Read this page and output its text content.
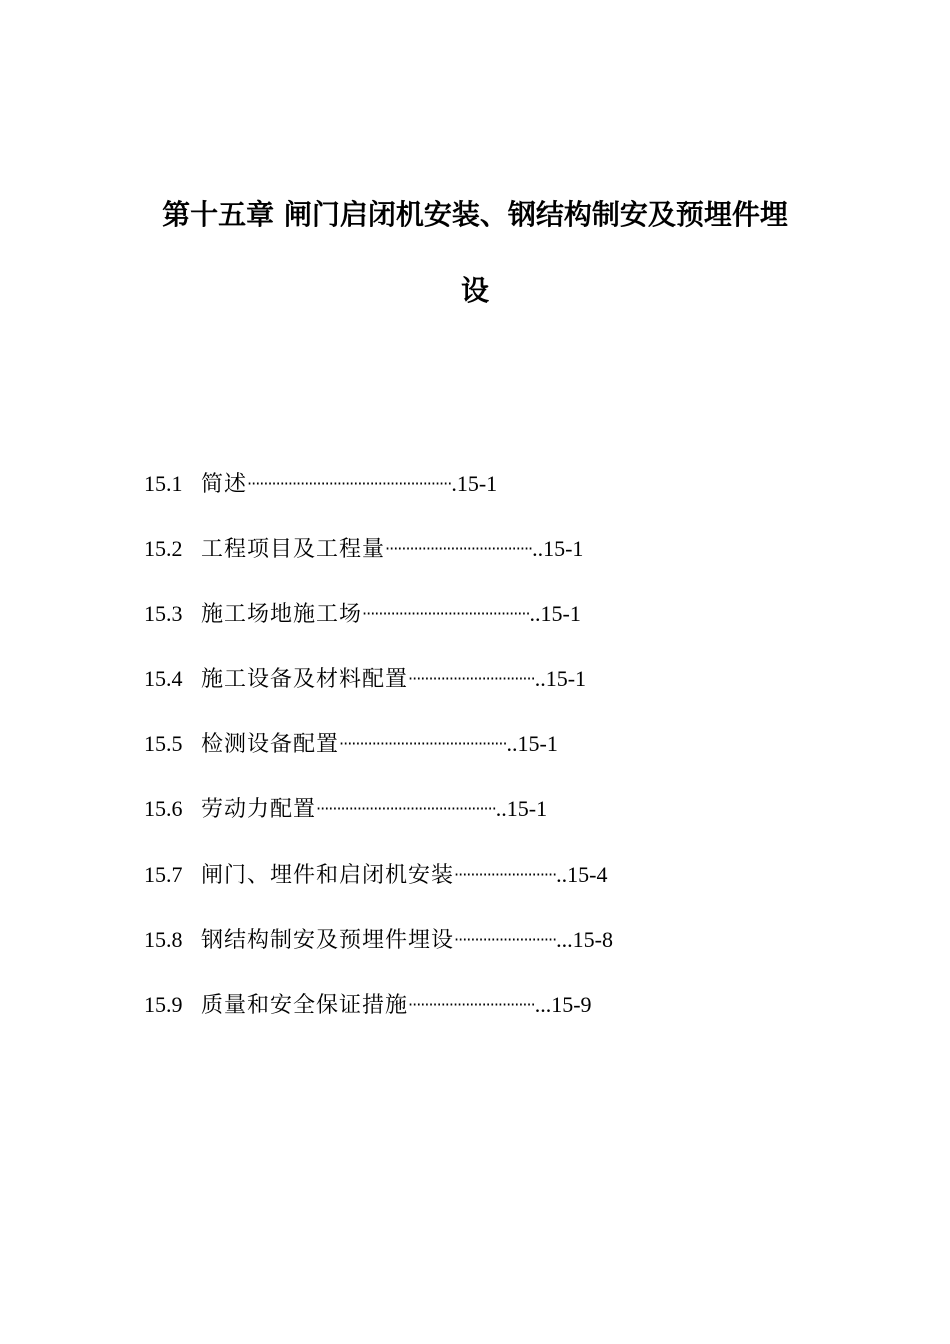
第十五章 闸门启闭机安装、钢结构制安及预埋件埋
设
15.1 简述··················································.15-1
15.2 工程项目及工程量····································..15-1
15.3 施工场地施工场·········································..15-1
15.4 施工设备及材料配置·······························..15-1
15.5 检测设备配置·········································..15-1
15.6 劳动力配置············································..15-1
15.7 闸门、埋件和启闭机安装·························..15-4
15.8 钢结构制安及预埋件埋设·························...15-8
15.9 质量和安全保证措施·······························...15-9
